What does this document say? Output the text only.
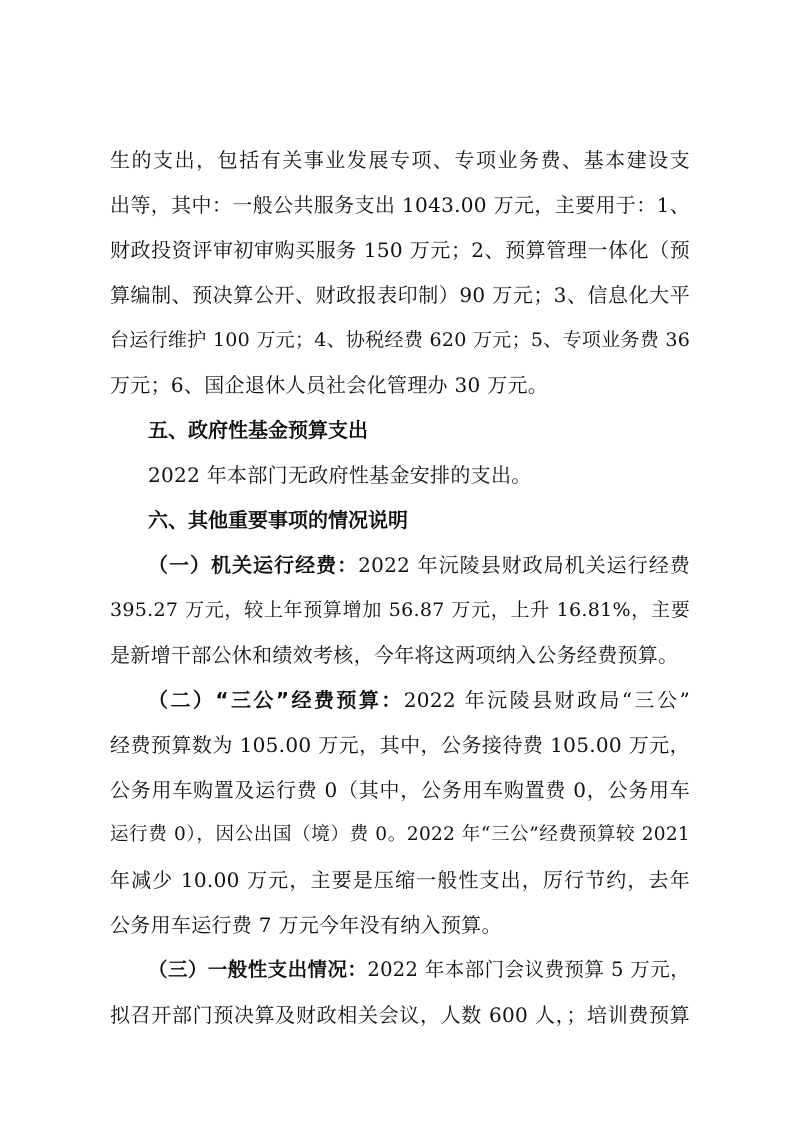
生的支出，包括有关事业发展专项、专项业务费、基本建设支
出等，其中：一般公共服务支出 1043.00 万元，主要用于：1、
财政投资评审初审购买服务 150 万元；2、预算管理一体化（预
算编制、预决算公开、财政报表印制）90 万元；3、信息化大平
台运行维护 100 万元；4、协税经费 620 万元；5、专项业务费 36
万元；6、国企退休人员社会化管理办 30 万元。
五、政府性基金预算支出
2022 年本部门无政府性基金安排的支出。
六、其他重要事项的情况说明
（一）机关运行经费：2022 年沅陵县财政局机关运行经费
395.27 万元，较上年预算增加 56.87 万元，上升 16.81%，主要
是新增干部公休和绩效考核，今年将这两项纳入公务经费预算。
（二）“三公”经费预算：2022 年沅陵县财政局“三公”
经费预算数为 105.00 万元，其中，公务接待费 105.00 万元，
公务用车购置及运行费 0（其中，公务用车购置费 0，公务用车
运行费 0），因公出国（境）费 0。2022 年“三公”经费预算较 2021
年减少 10.00 万元，主要是压缩一般性支出，厉行节约，去年
公务用车运行费 7 万元今年没有纳入预算。
（三）一般性支出情况：2022 年本部门会议费预算 5 万元，
拟召开部门预决算及财政相关会议，人数 600 人，；培训费预算
